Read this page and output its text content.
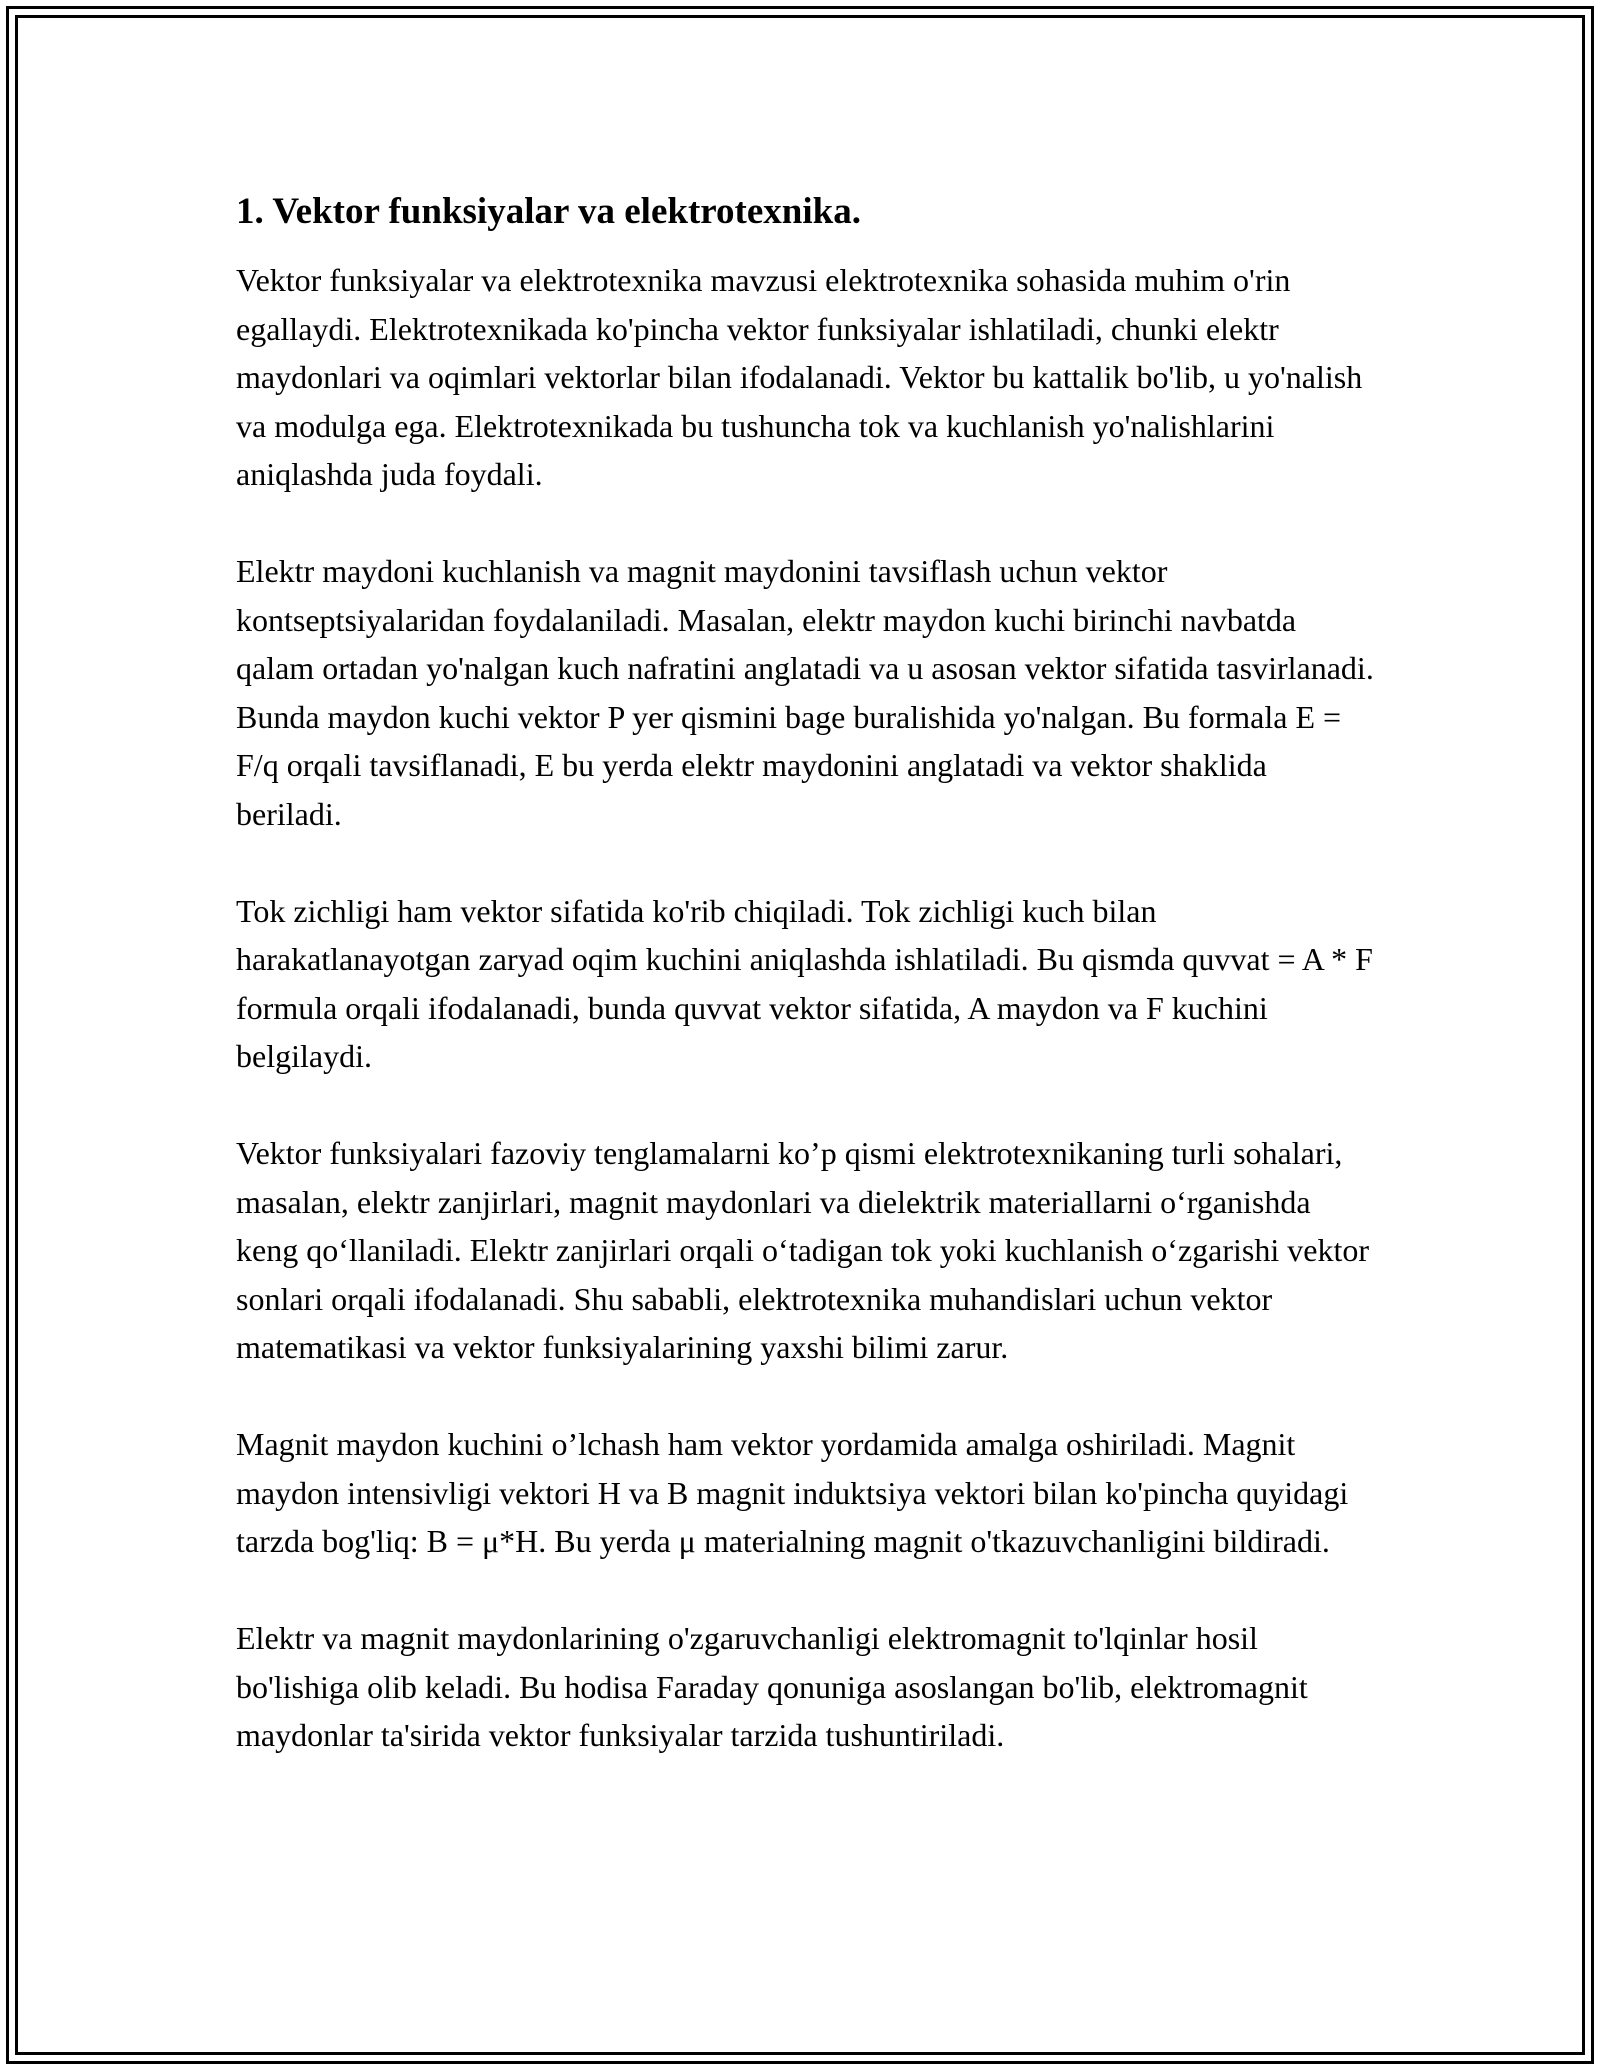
1. Vektor funksiyalar va elektrotexnika.

Vektor funksiyalar va elektrotexnika mavzusi elektrotexnika sohasida muhim o'rin egallaydi. Elektrotexnikada ko'pincha vektor funksiyalar ishlatiladi, chunki elektr maydonlari va oqimlari vektorlar bilan ifodalanadi. Vektor bu kattalik bo'lib, u yo'nalish va modulga ega. Elektrotexnikada bu tushuncha tok va kuchlanish yo'nalishlarini aniqlashda juda foydali.

Elektr maydoni kuchlanish va magnit maydonini tavsiflash uchun vektor kontseptsiyalaridan foydalaniladi. Masalan, elektr maydon kuchi birinchi navbatda qalam ortadan yo'nalgan kuch nafratini anglatadi va u asosan vektor sifatida tasvirlanadi. Bunda maydon kuchi vektor P yer qismini bage buralishida yo'nalgan. Bu formala E = F/q orqali tavsiflanadi, E bu yerda elektr maydonini anglatadi va vektor shaklida beriladi.

Tok zichligi ham vektor sifatida ko'rib chiqiladi. Tok zichligi kuch bilan harakatlanayotgan zaryad oqim kuchini aniqlashda ishlatiladi. Bu qismda quvvat = A * F formula orqali ifodalanadi, bunda quvvat vektor sifatida, A maydon va F kuchini belgilaydi.

Vektor funksiyalari fazoviy tenglamalarni ko’p qismi elektrotexnikaning turli sohalari, masalan, elektr zanjirlari, magnit maydonlari va dielektrik materiallarni o‘rganishda keng qo‘llaniladi. Elektr zanjirlari orqali o‘tadigan tok yoki kuchlanish o‘zgarishi vektor sonlari orqali ifodalanadi. Shu sababli, elektrotexnika muhandislari uchun vektor matematikasi va vektor funksiyalarining yaxshi bilimi zarur.

Magnit maydon kuchini o’lchash ham vektor yordamida amalga oshiriladi. Magnit maydon intensivligi vektori H va B magnit induktsiya vektori bilan ko'pincha quyidagi tarzda bog'liq: B = μ*H. Bu yerda μ materialning magnit o'tkazuvchanligini bildiradi.

Elektr va magnit maydonlarining o'zgaruvchanligi elektromagnit to'lqinlar hosil bo'lishiga olib keladi. Bu hodisa Faraday qonuniga asoslangan bo'lib, elektromagnit maydonlar ta'sirida vektor funksiyalar tarzida tushuntiriladi.
